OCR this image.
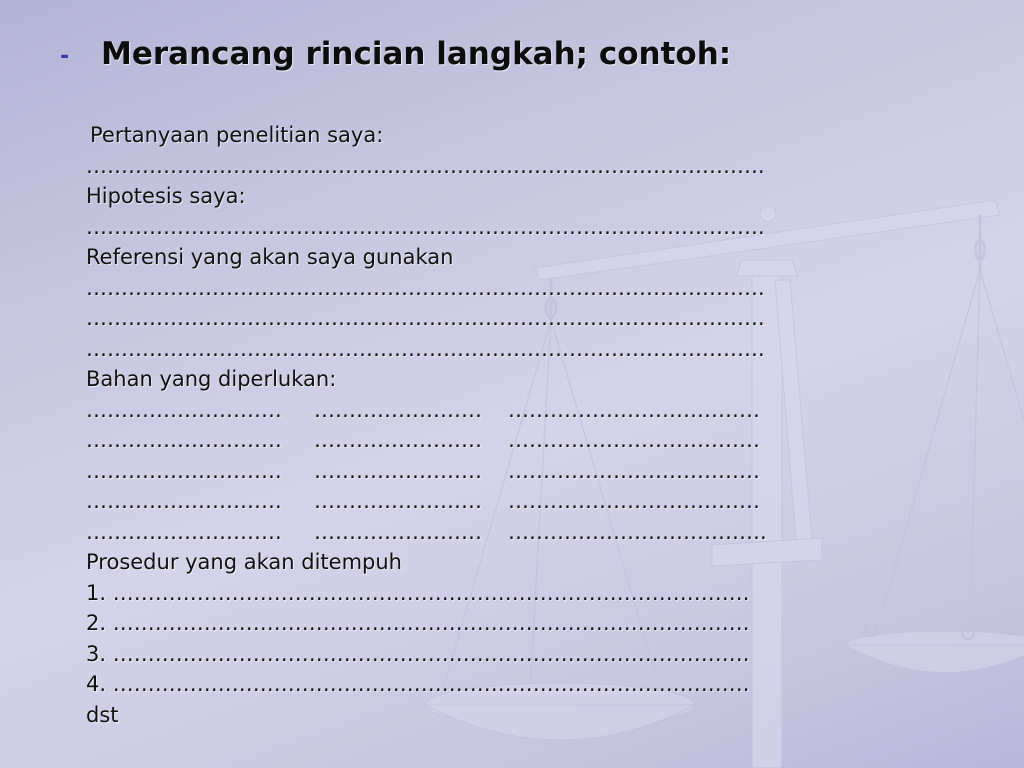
- Merancang rincian langkah; contoh:
Pertanyaan penelitian saya:
…………………………………………………………………………………….
Hipotesis saya:
…………………………………………………………………………………….
Referensi yang akan saya gunakan
…………………………………………………………………………………….
…………………………………………………………………………………….
…………………………………………………………………………………….
Bahan yang diperlukan:
……………………….	……………………	………………………………
……………………….	……………………	………………………………
……………………….	……………………	………………………………
……………………….	……………………	………………………………
……………………….	……………………	……………………………….
Prosedur yang akan ditempuh
1. ……………………………………………………………………………….
2. ……………………………………………………………………………….
3. ……………………………………………………………………………….
4. ……………………………………………………………………………….
dst
